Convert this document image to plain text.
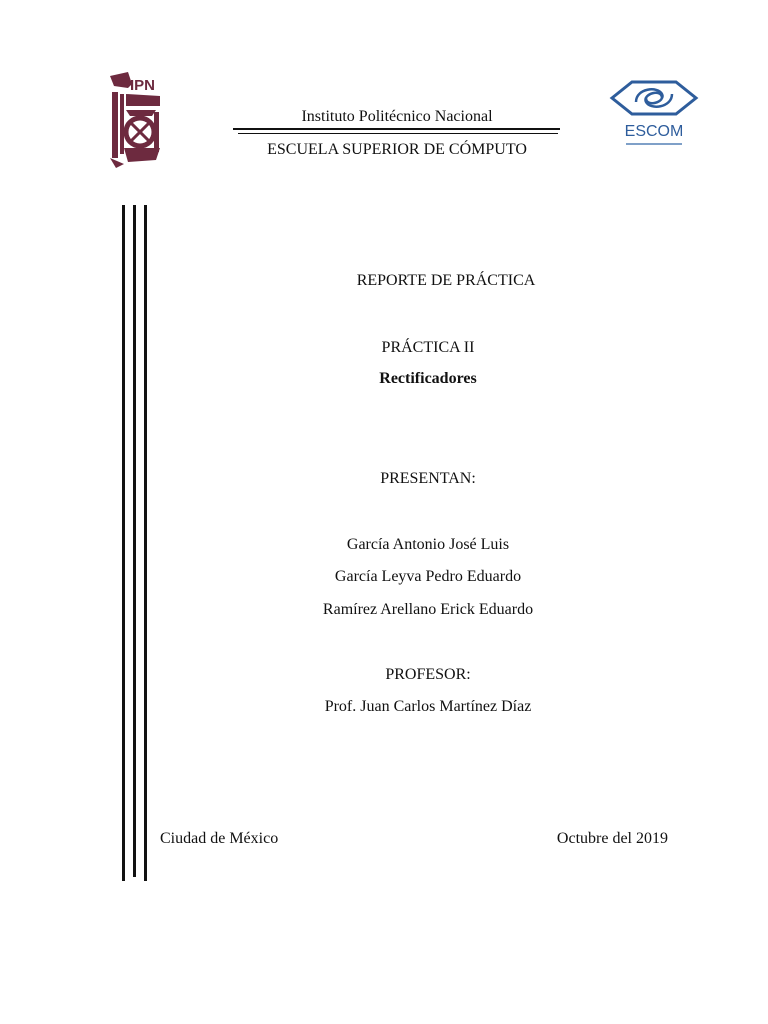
IPN
ESCOM
Instituto Politécnico Nacional
ESCUELA SUPERIOR DE CÓMPUTO
REPORTE DE PRÁCTICA
PRÁCTICA II
Rectificadores
PRESENTAN:
García Antonio José Luis
García Leyva Pedro Eduardo
Ramírez Arellano Erick Eduardo
PROFESOR:
Prof. Juan Carlos Martínez Díaz
Ciudad de México	Octubre del 2019
